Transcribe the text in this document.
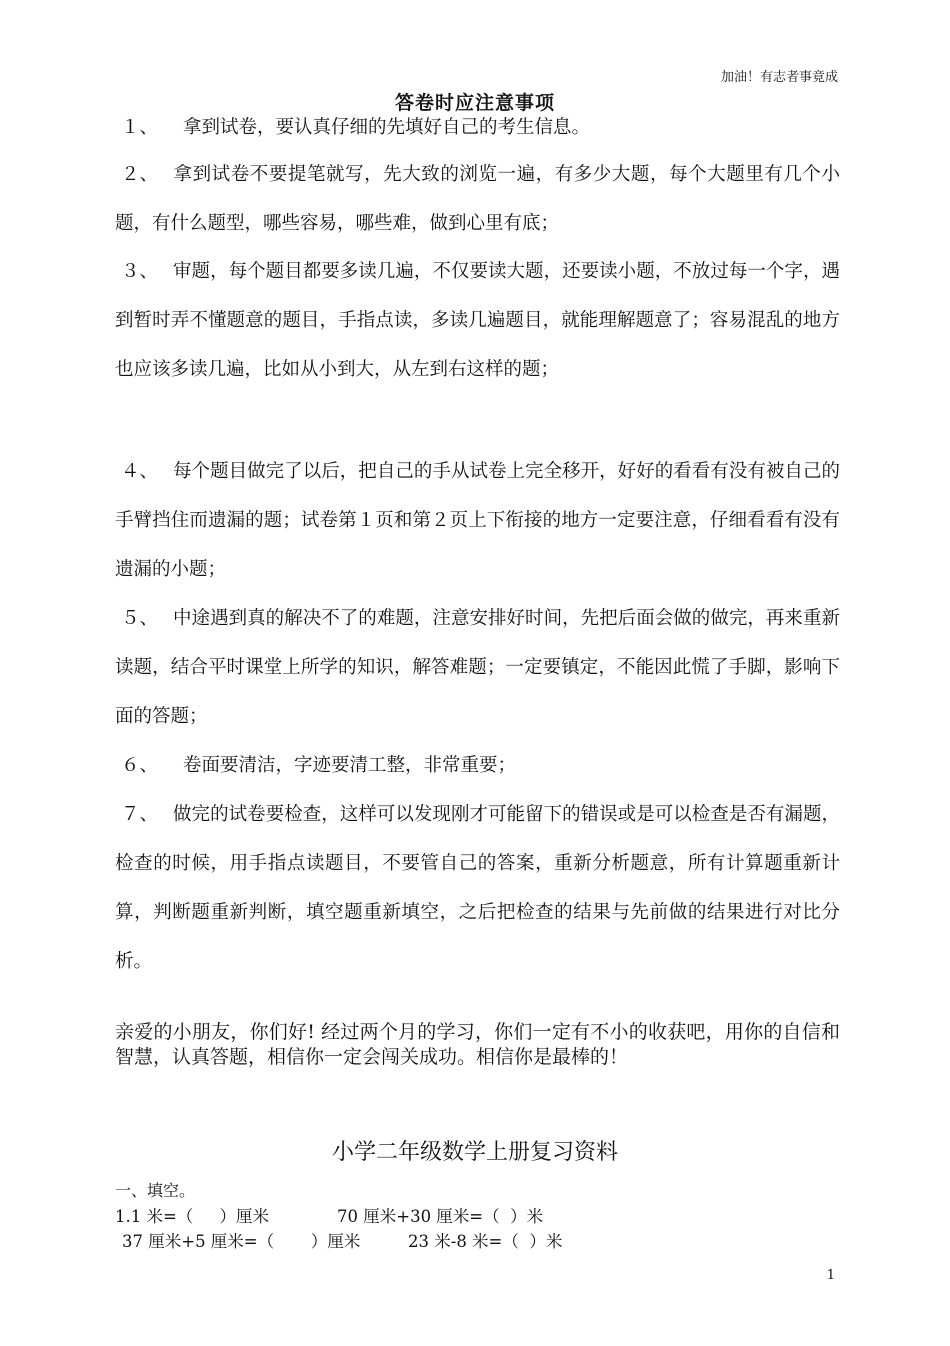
加油！有志者事竟成
答卷时应注意事项
１、 拿到试卷，要认真仔细的先填好自己的考生信息。
２、 拿到试卷不要提笔就写，先大致的浏览一遍，有多少大题，每个大题里有几个小题，有什么题型，哪些容易，哪些难，做到心里有底；
３、 审题，每个题目都要多读几遍，不仅要读大题，还要读小题，不放过每一个字，遇到暂时弄不懂题意的题目，手指点读，多读几遍题目，就能理解题意了；容易混乱的地方也应该多读几遍，比如从小到大，从左到右这样的题；
４、 每个题目做完了以后，把自己的手从试卷上完全移开，好好的看看有没有被自己的手臂挡住而遗漏的题；试卷第１页和第２页上下衔接的地方一定要注意，仔细看看有没有遗漏的小题；
５、 中途遇到真的解决不了的难题，注意安排好时间，先把后面会做的做完，再来重新读题，结合平时课堂上所学的知识，解答难题；一定要镇定，不能因此慌了手脚，影响下面的答题；
６、 卷面要清洁，字迹要清工整，非常重要；
７、 做完的试卷要检查，这样可以发现刚才可能留下的错误或是可以检查是否有漏题，检查的时候，用手指点读题目，不要管自己的答案，重新分析题意，所有计算题重新计算，判断题重新判断，填空题重新填空，之后把检查的结果与先前做的结果进行对比分析。
亲爱的小朋友，你们好! 经过两个月的学习，你们一定有不小的收获吧，用你的自信和智慧，认真答题，相信你一定会闯关成功。相信你是最棒的！
小学二年级数学上册复习资料
一、填空。
1.1 米=（     ）厘米	70 厘米+30 厘米=（  ）米
37 厘米+5 厘米=（       ）厘米	23 米-8 米=（  ）米
1
